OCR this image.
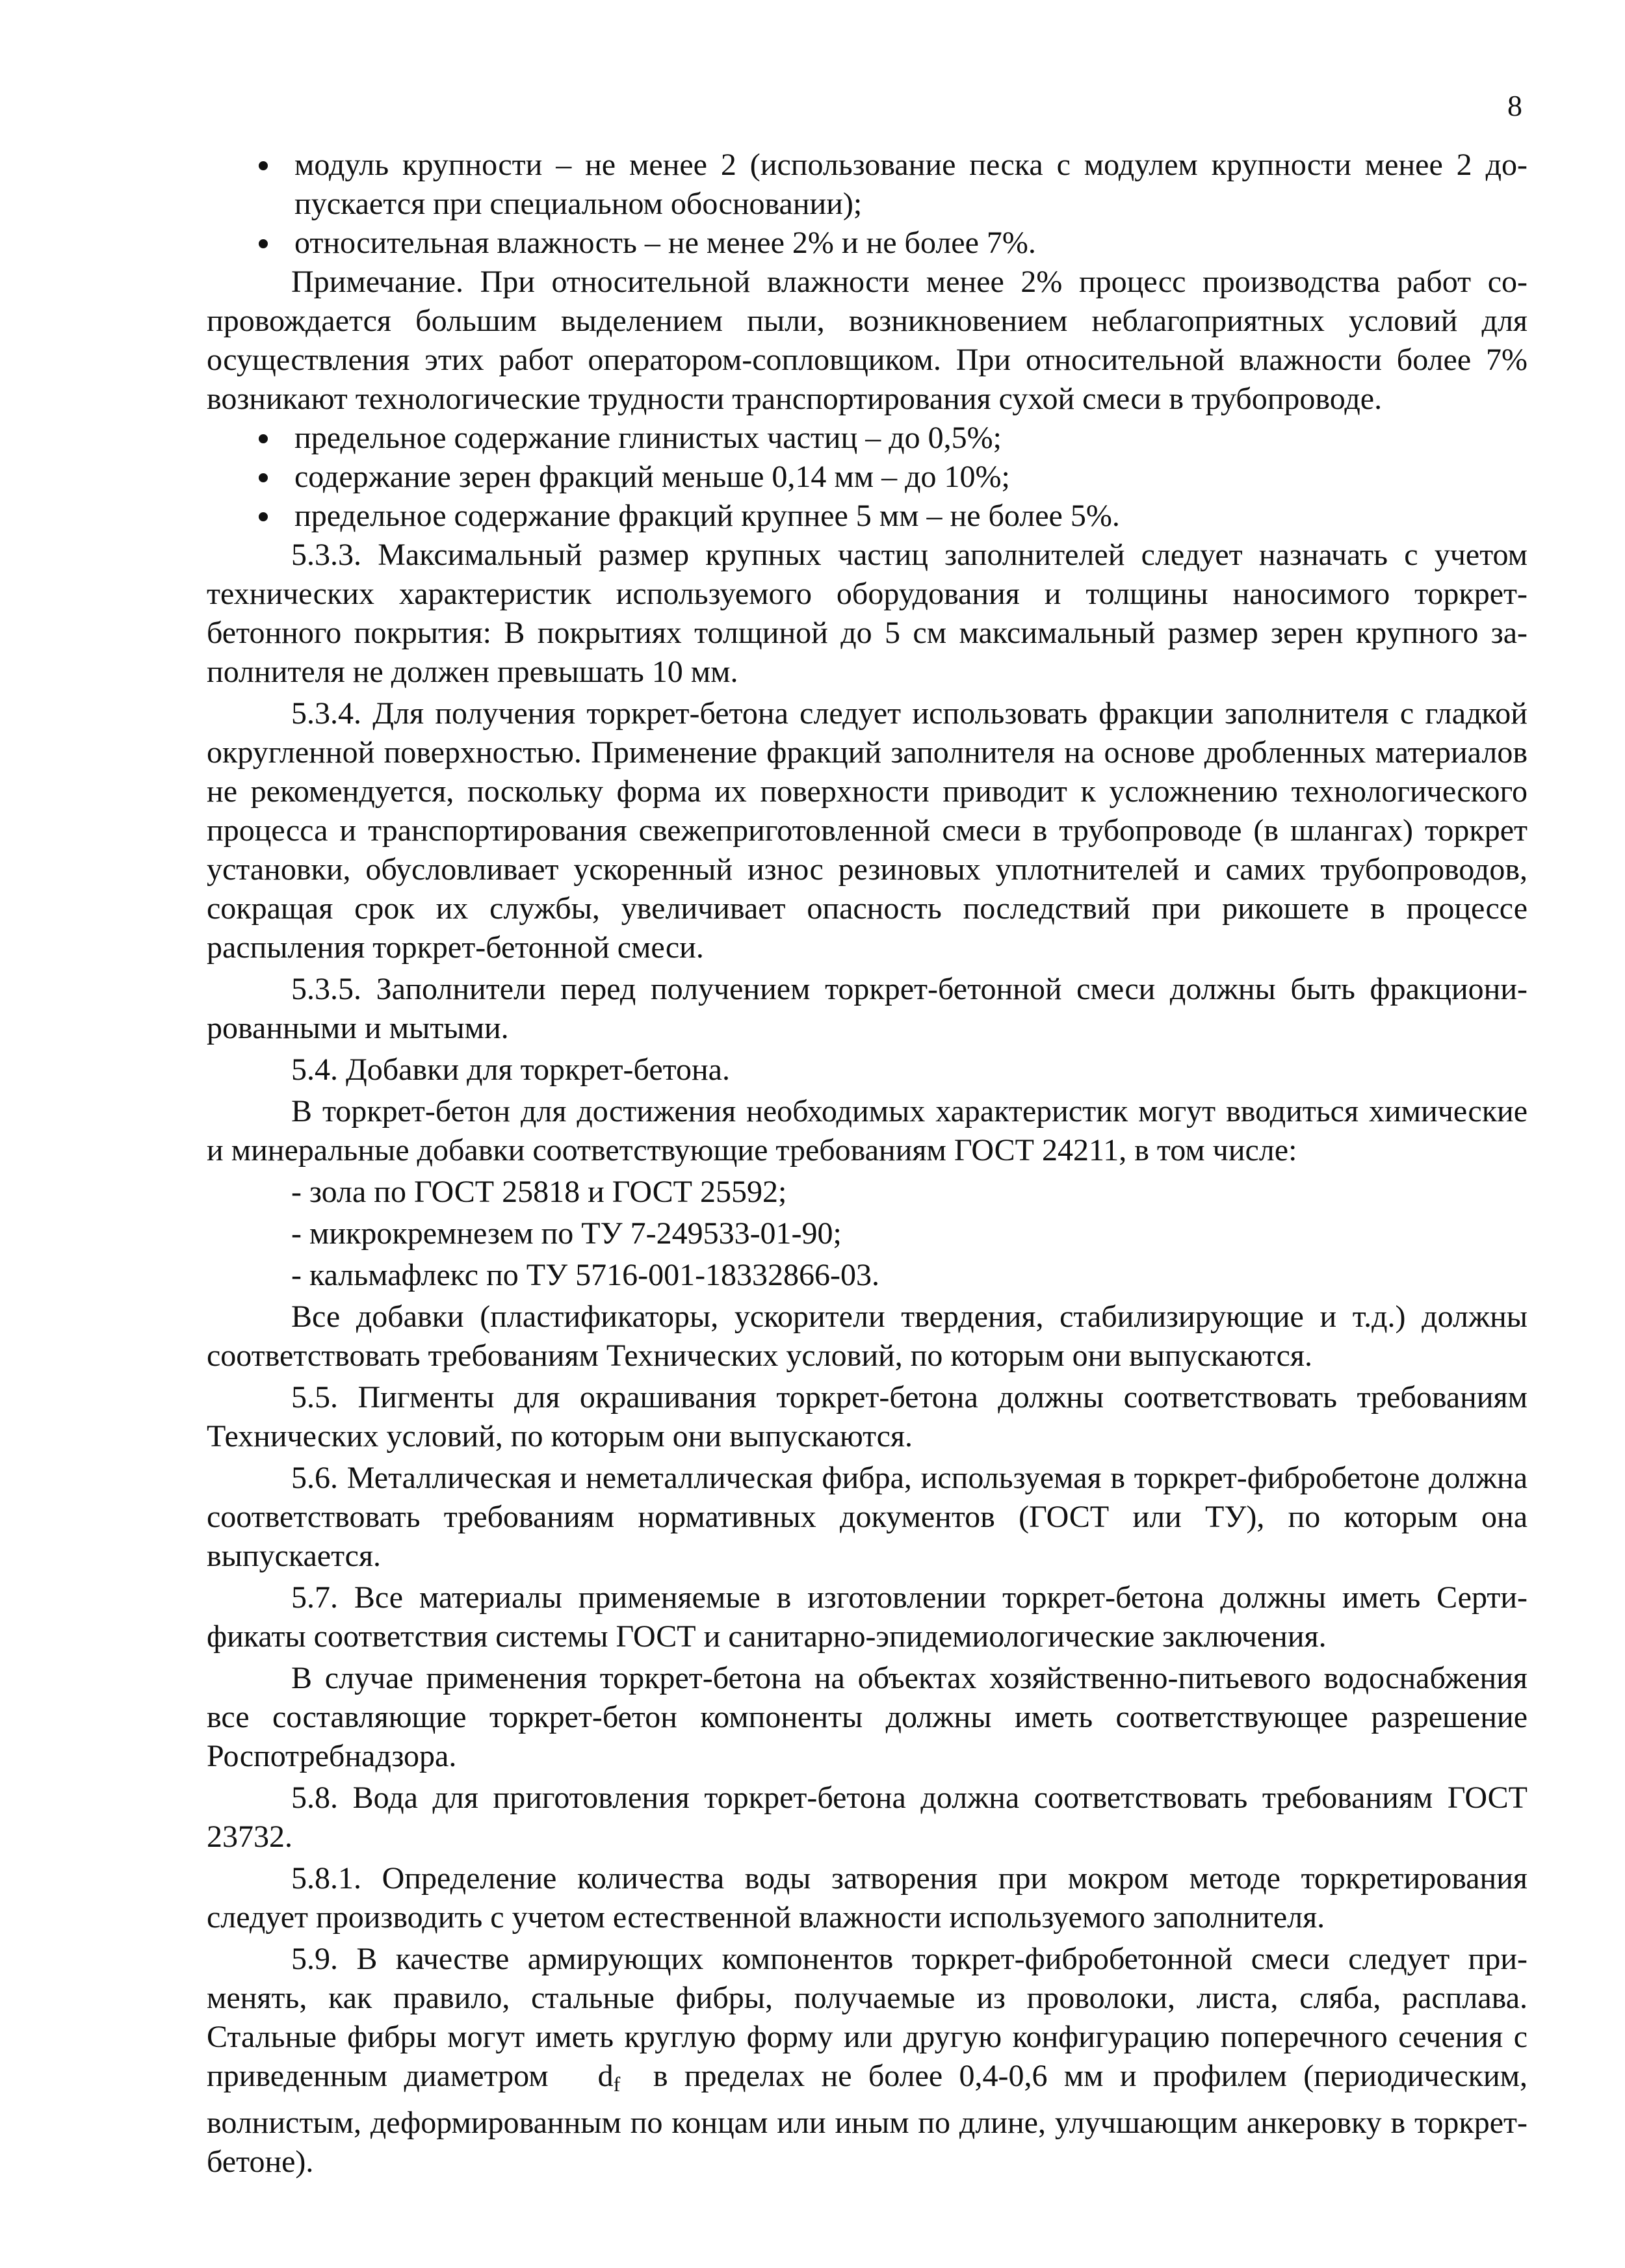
8

модуль крупности – не менее 2 (использование песка с модулем крупности менее 2 допускается при специальном обосновании);

относительная влажность – не менее 2% и не более 7%.

Примечание. При относительной влажности менее 2% процесс производства работ сопровождается большим выделением пыли, возникновением неблагоприятных условий для осуществления этих работ оператором-сопловщиком. При относительной влажности более 7% возникают технологические трудности транспортирования сухой смеси в трубопроводе.

предельное содержание глинистых частиц – до 0,5%;

содержание зерен фракций меньше 0,14 мм – до 10%;

предельное содержание фракций крупнее 5 мм – не более 5%.

5.3.3. Максимальный размер крупных частиц заполнителей следует назначать с учетом технических характеристик используемого оборудования и толщины наносимого торкрет-бетонного покрытия: В покрытиях толщиной до 5 см максимальный размер зерен крупного заполнителя не должен превышать 10 мм.

5.3.4. Для получения торкрет-бетона следует использовать фракции заполнителя с гладкой округленной поверхностью. Применение фракций заполнителя на основе дробленных материалов не рекомендуется, поскольку форма их поверхности приводит к усложнению технологического процесса и транспортирования свежеприготовленной смеси в трубопроводе (в шлангах) торкрет установки, обусловливает ускоренный износ резиновых уплотнителей и самих трубопроводов, сокращая срок их службы, увеличивает опасность последствий при рикошете в процессе распыления торкрет-бетонной смеси.

5.3.5. Заполнители перед получением торкрет-бетонной смеси должны быть фракционированными и мытыми.

5.4. Добавки для торкрет-бетона.

В торкрет-бетон для достижения необходимых характеристик могут вводиться химические и минеральные добавки соответствующие требованиям ГОСТ 24211, в том числе:

- зола по ГОСТ 25818 и ГОСТ 25592;

- микрокремнезем по ТУ 7-249533-01-90;

- кальмафлекс по ТУ 5716-001-18332866-03.

Все добавки (пластификаторы, ускорители твердения, стабилизирующие и т.д.) должны соответствовать требованиям Технических условий, по которым они выпускаются.

5.5. Пигменты для окрашивания торкрет-бетона должны соответствовать требованиям Технических условий, по которым они выпускаются.

5.6. Металлическая и неметаллическая фибра, используемая в торкрет-фибробетоне должна соответствовать требованиям нормативных документов (ГОСТ или ТУ), по которым она выпускается.

5.7. Все материалы применяемые в изготовлении торкрет-бетона должны иметь Сертификаты соответствия системы ГОСТ и санитарно-эпидемиологические заключения.

В случае применения торкрет-бетона на объектах хозяйственно-питьевого водоснабжения все составляющие торкрет-бетон компоненты должны иметь соответствующее разрешение Роспотребнадзора.

5.8. Вода для приготовления торкрет-бетона должна соответствовать требованиям ГОСТ 23732.

5.8.1. Определение количества воды затворения при мокром методе торкретирования следует производить с учетом естественной влажности используемого заполнителя.

5.9. В качестве армирующих компонентов торкрет-фибробетонной смеси следует применять, как правило, стальные фибры, получаемые из проволоки, листа, сляба, расплава. Стальные фибры могут иметь круглую форму или другую конфигурацию поперечного сечения с приведенным диаметром $d_f$ в пределах не более 0,4-0,6 мм и профилем (периодическим, волнистым, деформированным по концам или иным по длине, улучшающим анкеровку в торкрет-бетоне).
